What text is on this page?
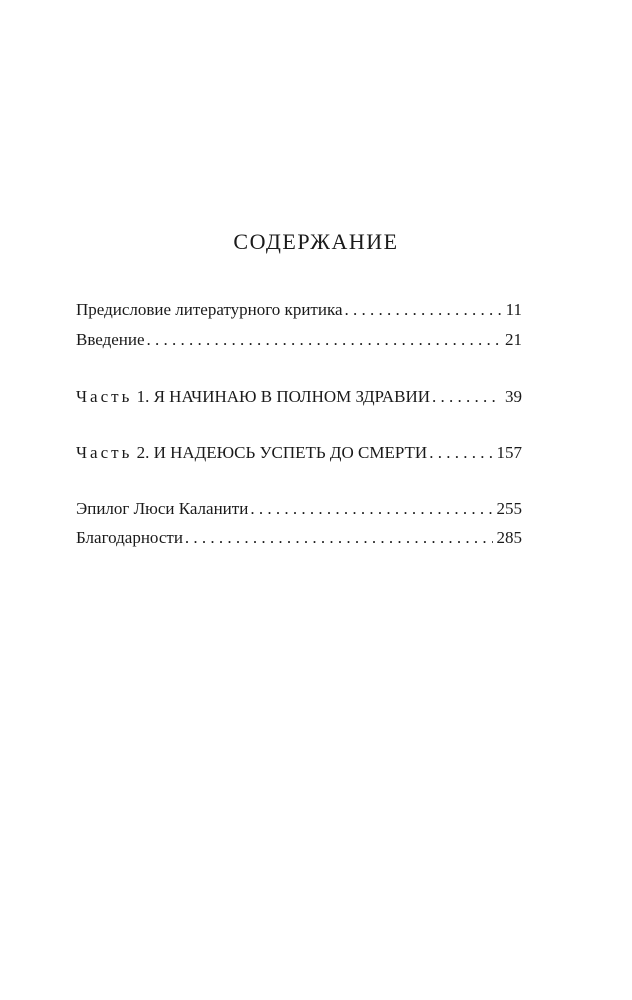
СОДЕРЖАНИЕ
Предисловие литературного критика . . .	11
Введение . . .	21
Часть 1. Я НАЧИНАЮ В ПОЛНОМ ЗДРАВИИ . . .	39
Часть 2. И НАДЕЮСЬ УСПЕТЬ ДО СМЕРТИ . . .	157
Эпилог Люси Каланити . . .	255
Благодарности . . .	285
